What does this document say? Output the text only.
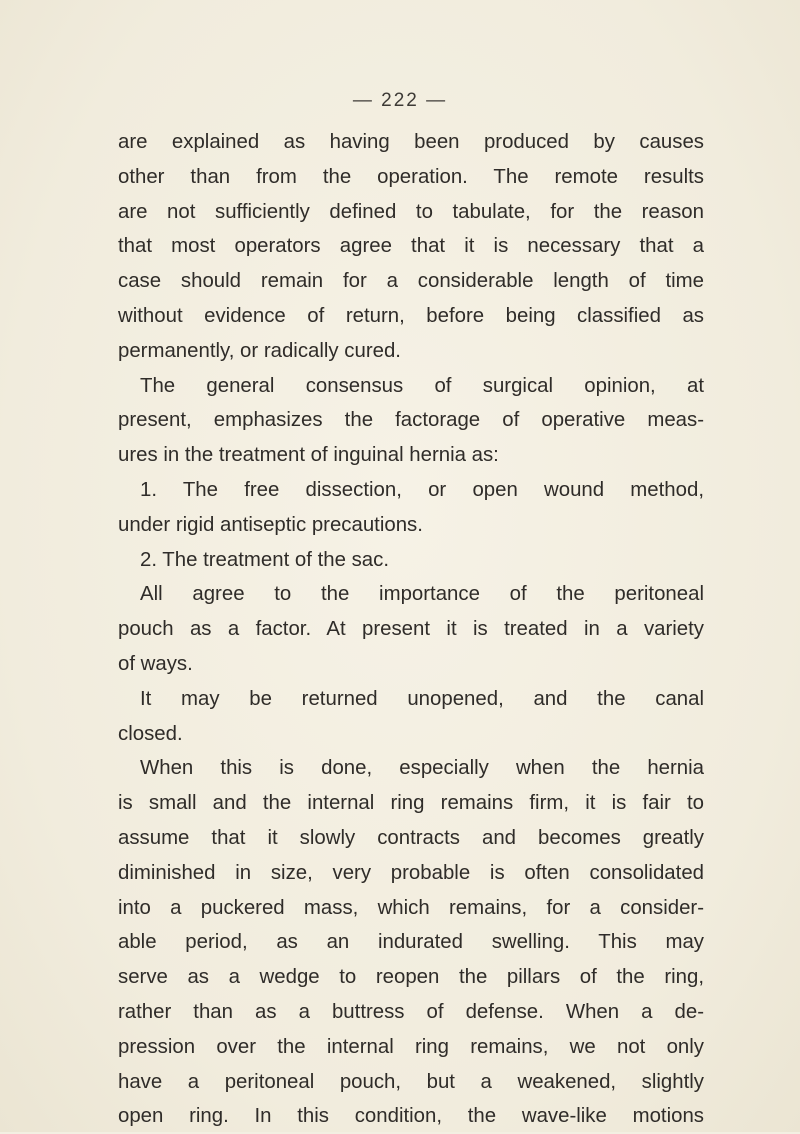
— 222 —

are explained as having been produced by causes

other than from the operation. The remote results

are not sufficiently defined to tabulate, for the reason

that most operators agree that it is necessary that a

case should remain for a considerable length of time

without evidence of return, before being classified as

permanently, or radically cured.

The general consensus of surgical opinion, at

present, emphasizes the factorage of operative meas-

ures in the treatment of inguinal hernia as:

1. The free dissection, or open wound method,

under rigid antiseptic precautions.

2. The treatment of the sac.

All agree to the importance of the peritoneal

pouch as a factor. At present it is treated in a variety

of ways.

It may be returned unopened, and the canal

closed.

When this is done, especially when the hernia

is small and the internal ring remains firm, it is fair to

assume that it slowly contracts and becomes greatly

diminished in size, very probable is often consolidated

into a puckered mass, which remains, for a consider-

able period, as an indurated swelling. This may

serve as a wedge to reopen the pillars of the ring,

rather than as a buttress of defense. When a de-

pression over the internal ring remains, we not only

have a peritoneal pouch, but a weakened, slightly

open ring. In this condition, the wave-like motions
